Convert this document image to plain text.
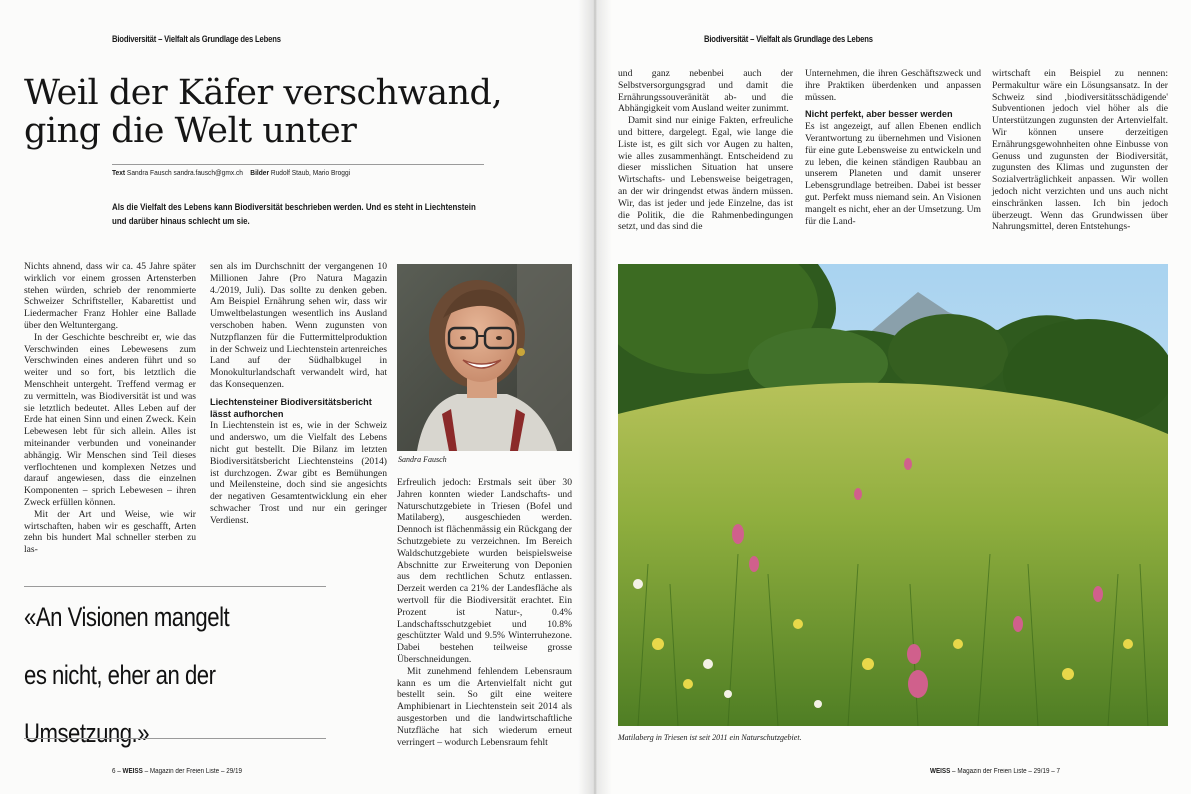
Biodiversität – Vielfalt als Grundlage des Lebens
Weil der Käfer verschwand,
ging die Welt unter
Text Sandra Fausch sandra.fausch@gmx.ch Bilder Rudolf Staub, Mario Broggi
Als die Vielfalt des Lebens kann Biodiversität beschrieben werden. Und es steht in Liechtenstein und darüber hinaus schlecht um sie.

Nichts ahnend, dass wir ca. 45 Jahre später wirklich vor einem grossen Artensterben stehen würden, schrieb der renommierte Schweizer Schriftsteller, Kabarettist und Liedermacher Franz Hohler eine Ballade über den Weltuntergang.

In der Geschichte beschreibt er, wie das Verschwinden eines Lebewesens zum Verschwinden eines anderen führt und so weiter und so fort, bis letztlich die Menschheit untergeht. Treffend vermag er zu vermitteln, was Biodiversität ist und was sie letztlich bedeutet. Alles Leben auf der Erde hat einen Sinn und einen Zweck. Kein Lebewesen lebt für sich allein. Alles ist miteinander verbunden und voneinander abhängig. Wir Menschen sind Teil dieses verflochtenen und komplexen Netzes und darauf angewiesen, dass die einzelnen Komponenten – sprich Lebewesen – ihren Zweck erfüllen können.

Mit der Art und Weise, wie wir wirtschaften, haben wir es geschafft, Arten zehn bis hundert Mal schneller sterben zu las-

sen als im Durchschnitt der vergangenen 10 Millionen Jahre (Pro Natura Magazin 4./2019, Juli). Das sollte zu denken geben. Am Beispiel Ernährung sehen wir, dass wir Umweltbelastungen wesentlich ins Ausland verschoben haben. Wenn zugunsten von Nutzpflanzen für die Futtermittelproduktion in der Schweiz und Liechtenstein artenreiches Land auf der Südhalbkugel in Monokulturlandschaft verwandelt wird, hat das Konsequenzen.

Liechtensteiner Biodiversitätsbericht lässt aufhorchen

In Liechtenstein ist es, wie in der Schweiz und anderswo, um die Vielfalt des Lebens nicht gut bestellt. Die Bilanz im letzten Biodiversitätsbericht Liechtensteins (2014) ist durchzogen. Zwar gibt es Bemühungen und Meilensteine, doch sind sie angesichts der negativen Gesamtentwicklung ein eher schwacher Trost und nur ein geringer Verdienst.

Sandra Fausch

Erfreulich jedoch: Erstmals seit über 30 Jahren konnten wieder Landschafts- und Naturschutzgebiete in Triesen (Bofel und Matilaberg), ausgeschieden werden. Dennoch ist flächenmässig ein Rückgang der Schutzgebiete zu verzeichnen. Im Bereich Waldschutzgebiete wurden beispielsweise Abschnitte zur Erweiterung von Deponien aus dem rechtlichen Schutz entlassen. Derzeit werden ca 21% der Landesfläche als wertvoll für die Biodiversität erachtet. Ein Prozent ist Natur-, 0.4% Landschaftsschutzgebiet und 10.8% geschützter Wald und 9.5% Winterruhezone. Dabei bestehen teilweise grosse Überschneidungen.

Mit zunehmend fehlendem Lebensraum kann es um die Artenvielfalt nicht gut bestellt sein. So gilt eine weitere Amphibienart in Liechtenstein seit 2014 als ausgestorben und die landwirtschaftliche Nutzfläche hat sich wiederum erneut verringert – wodurch Lebensraum fehlt

«An Visionen mangelt
es nicht, eher an der
Umsetzung.»
6 – WEISS – Magazin der Freien Liste – 29/19
Biodiversität – Vielfalt als Grundlage des Lebens

und ganz nebenbei auch der Selbstversorgungsgrad und damit die Ernährungssouveränität ab- und die Abhängigkeit vom Ausland weiter zunimmt.

Damit sind nur einige Fakten, erfreuliche und bittere, dargelegt. Egal, wie lange die Liste ist, es gilt sich vor Augen zu halten, wie alles zusammenhängt. Entscheidend zu dieser misslichen Situation hat unsere Wirtschafts- und Lebensweise beigetragen, an der wir dringendst etwas ändern müssen. Wir, das ist jeder und jede Einzelne, das ist die Politik, die die Rahmenbedingungen setzt, und das sind die

Unternehmen, die ihren Geschäftszweck und ihre Praktiken überdenken und anpassen müssen.

Nicht perfekt, aber besser werden

Es ist angezeigt, auf allen Ebenen endlich Verantwortung zu übernehmen und Visionen für eine gute Lebensweise zu entwickeln und zu leben, die keinen ständigen Raubbau an unserem Planeten und damit unserer Lebensgrundlage betreiben. Dabei ist besser gut. Perfekt muss niemand sein. An Visionen mangelt es nicht, eher an der Umsetzung. Um für die Land-

wirtschaft ein Beispiel zu nennen: Permakultur wäre ein Lösungsansatz. In der Schweiz sind ‚biodiversitätsschädigende' Subventionen jedoch viel höher als die Unterstützungen zugunsten der Artenvielfalt. Wir können unsere derzeitigen Ernährungsgewohnheiten ohne Einbusse von Genuss und zugunsten der Biodiversität, zugunsten des Klimas und zugunsten der Sozialverträglichkeit anpassen. Wir wollen jedoch nicht verzichten und uns auch nicht einschränken lassen. Ich bin jedoch überzeugt. Wenn das Grundwissen über Nahrungsmittel, deren Entstehungs-

Matilaberg in Triesen ist seit 2011 ein Naturschutzgebiet.
WEISS – Magazin der Freien Liste – 29/19 – 7
